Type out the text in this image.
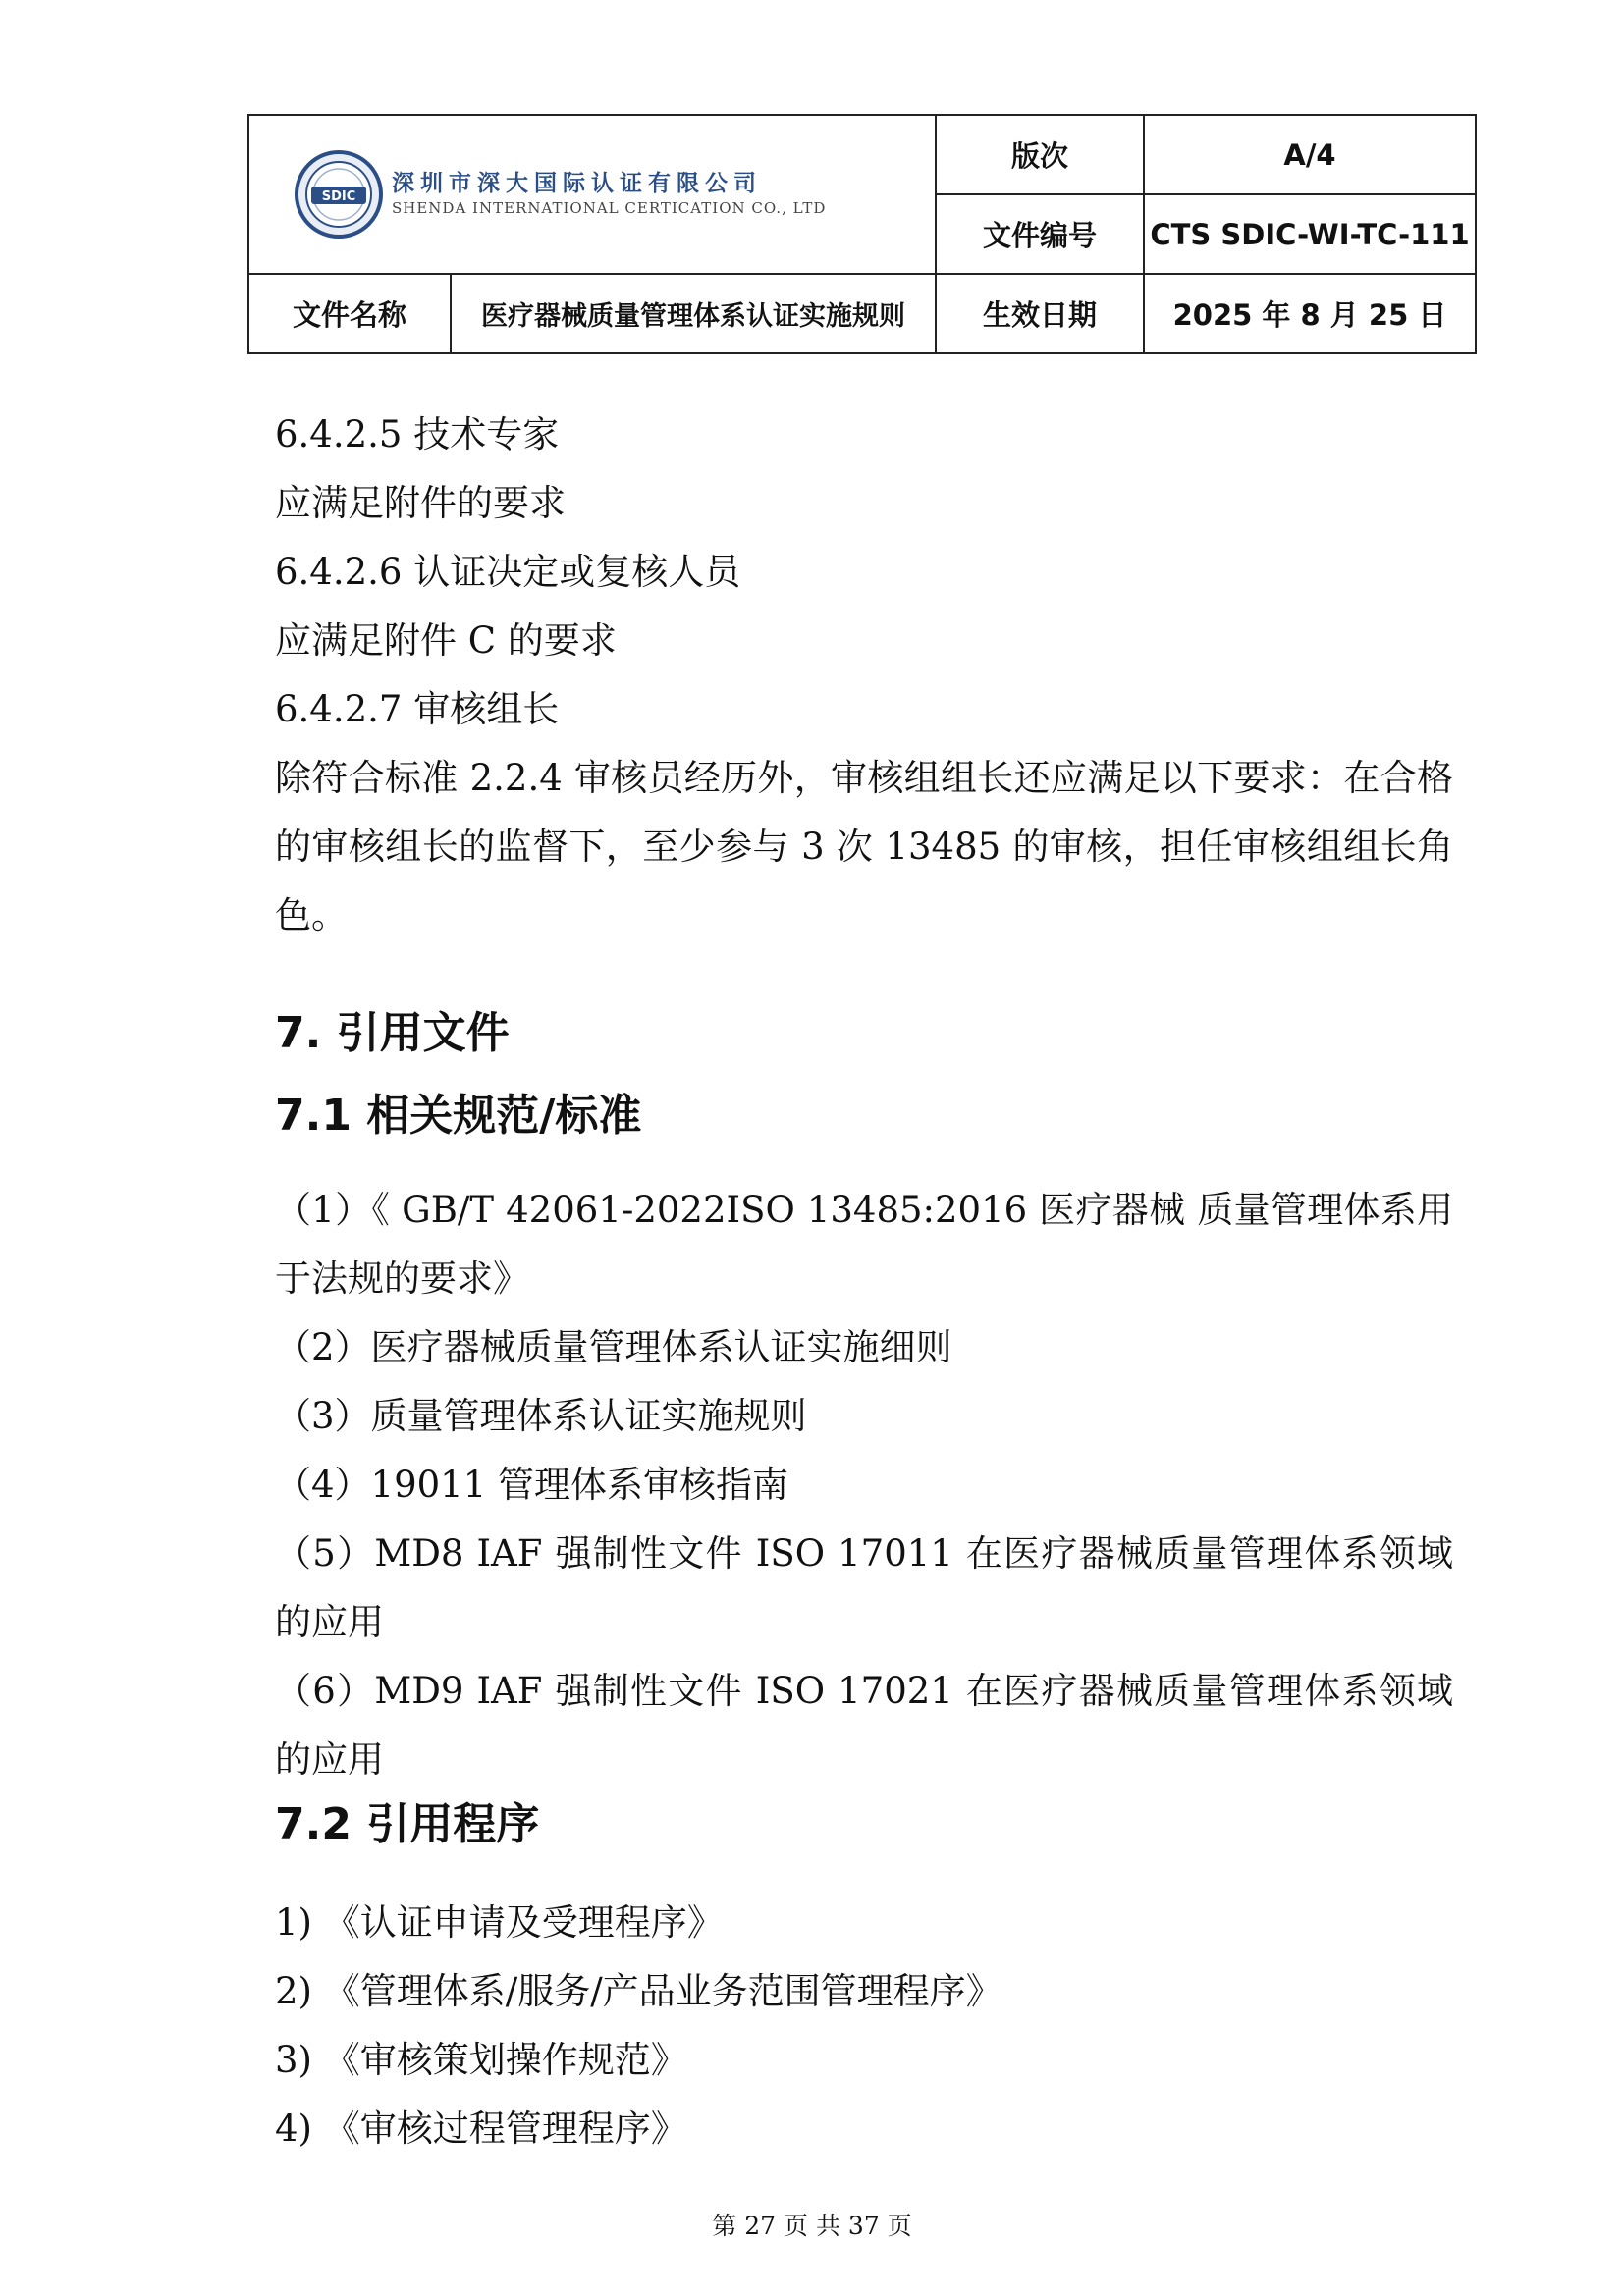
SDIC
深圳市深大国际认证有限公司
SHENDA INTERNATIONAL CERTICATION CO., LTD		版次	A/4
		文件编号	CTS SDIC-WI-TC-111
文件名称	医疗器械质量管理体系认证实施规则	生效日期	2025 年 8 月 25 日

6.4.2.5 技术专家

应满足附件的要求

6.4.2.6 认证决定或复核人员

应满足附件 C 的要求

6.4.2.7 审核组长

除符合标准 2.2.4 审核员经历外，审核组组长还应满足以下要求：在合格的审核组长的监督下，至少参与 3 次 13485 的审核，担任审核组组长角色。

7. 引用文件

7.1 相关规范/标准

（1）《 GB/T 42061-2022ISO 13485:2016 医疗器械 质量管理体系用于法规的要求》

（2）医疗器械质量管理体系认证实施细则

（3）质量管理体系认证实施规则

（4）19011 管理体系审核指南

（5）MD8 IAF 强制性文件 ISO 17011 在医疗器械质量管理体系领域的应用

（6）MD9 IAF 强制性文件 ISO 17021 在医疗器械质量管理体系领域的应用

7.2 引用程序

1) 《认证申请及受理程序》

2) 《管理体系/服务/产品业务范围管理程序》

3) 《审核策划操作规范》

4) 《审核过程管理程序》

第 27 页 共 37 页
